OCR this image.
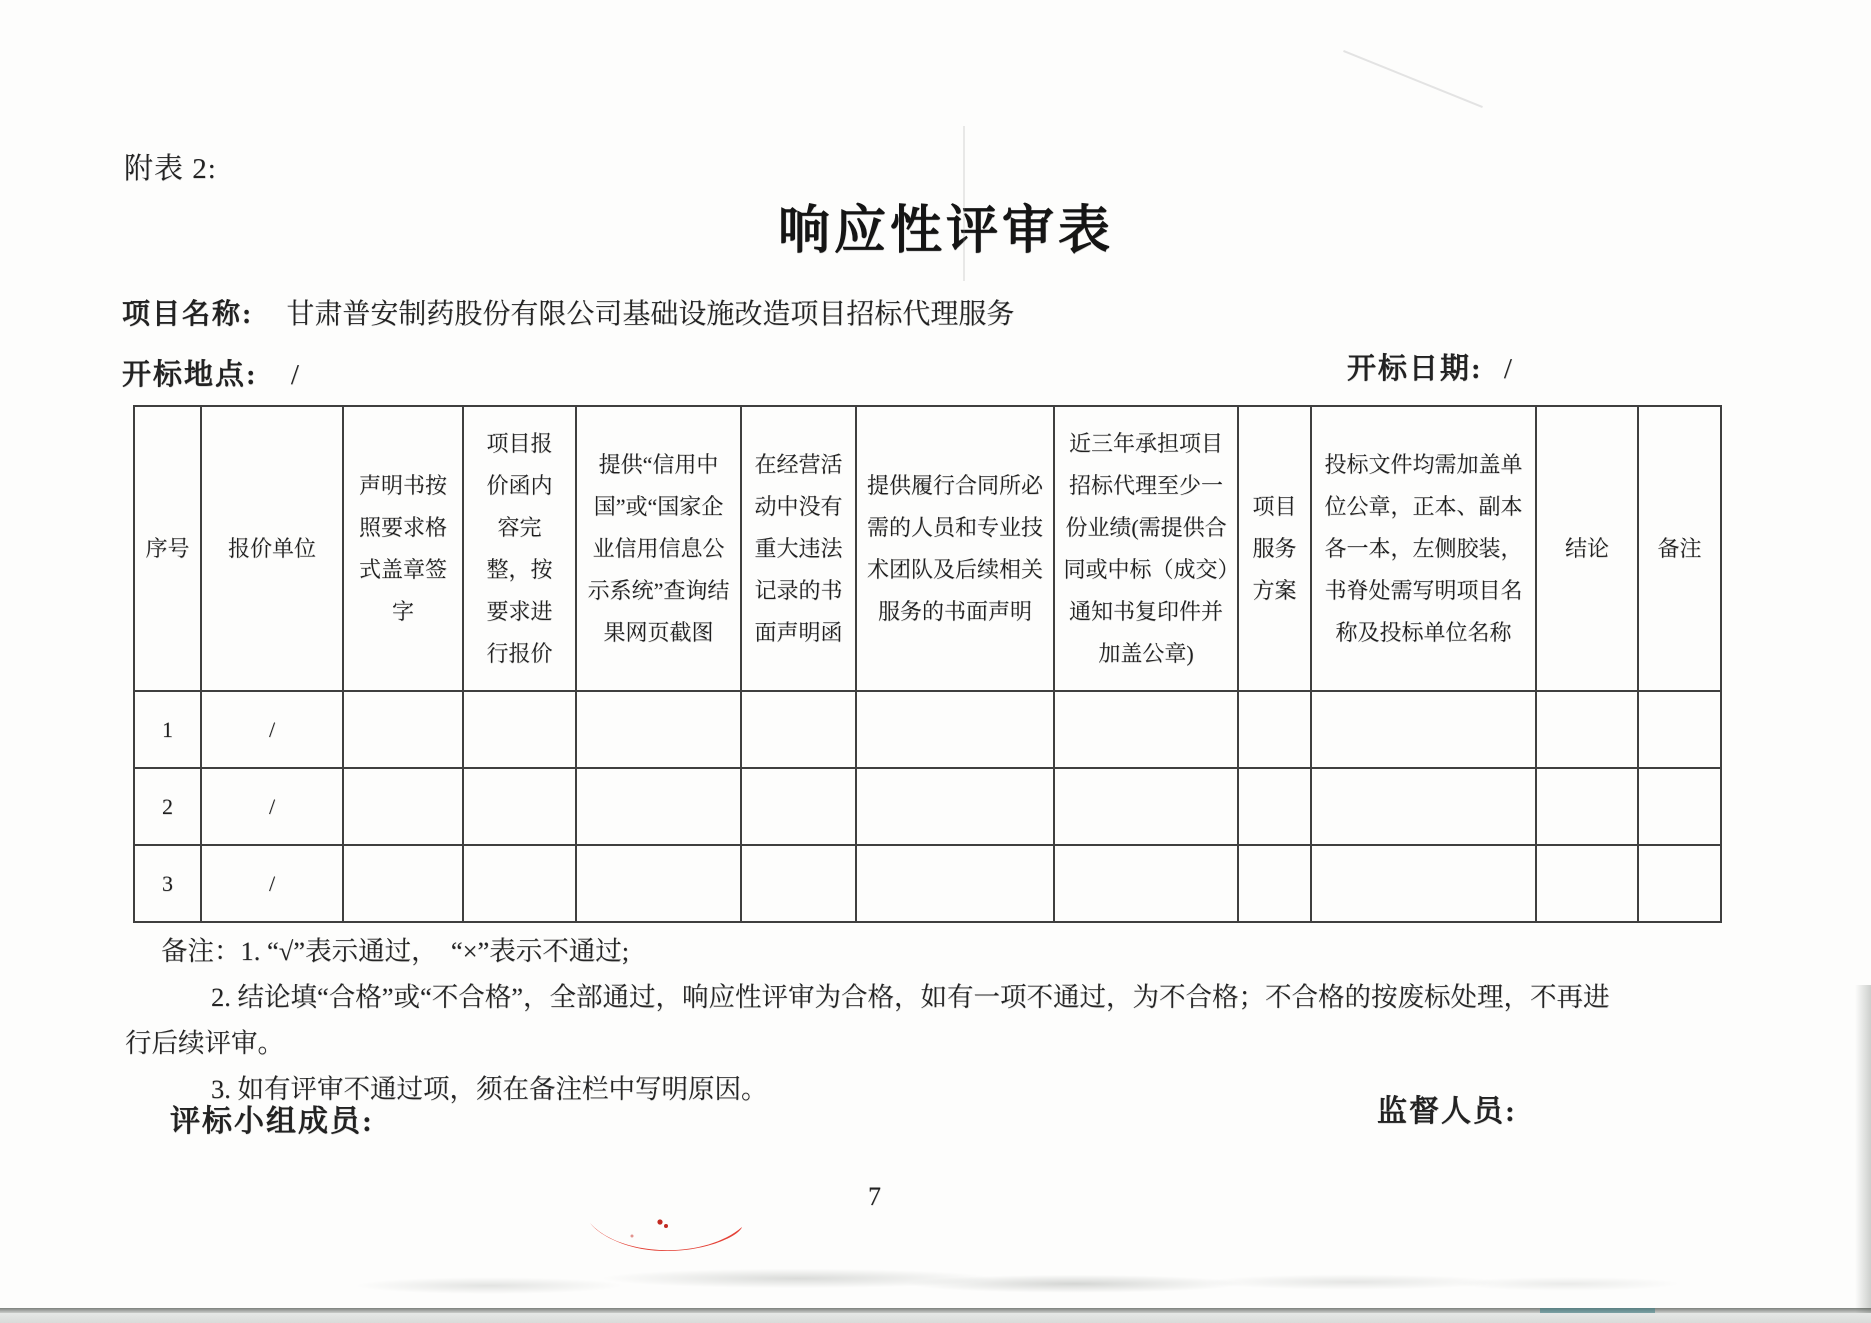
附表 2:
响应性评审表
项目名称: 甘肃普安制药股份有限公司基础设施改造项目招标代理服务
开标地点: /	开标日期: /
序号	报价单位	声明书按照要求格式盖章签字	项目报价函内容完整，按要求进行报价	提供“信用中国”或“国家企业信用信息公示系统”查询结果网页截图	在经营活动中没有重大违法记录的书面声明函	提供履行合同所必需的人员和专业技术团队及后续相关服务的书面声明	近三年承担项目招标代理至少一份业绩(需提供合同或中标（成交）通知书复印件并加盖公章)	项目服务方案	投标文件均需加盖单位公章，正本、副本各一本，左侧胶装，书脊处需写明项目名称及投标单位名称	结论	备注
1	/										
2	/										
3	/										
备注：1. “√”表示通过，　“×”表示不通过;
2. 结论填“合格”或“不合格”，全部通过，响应性评审为合格，如有一项不通过，为不合格；不合格的按废标处理，不再进
行后续评审。
3. 如有评审不通过项，须在备注栏中写明原因。
评标小组成员:	监督人员:
7
